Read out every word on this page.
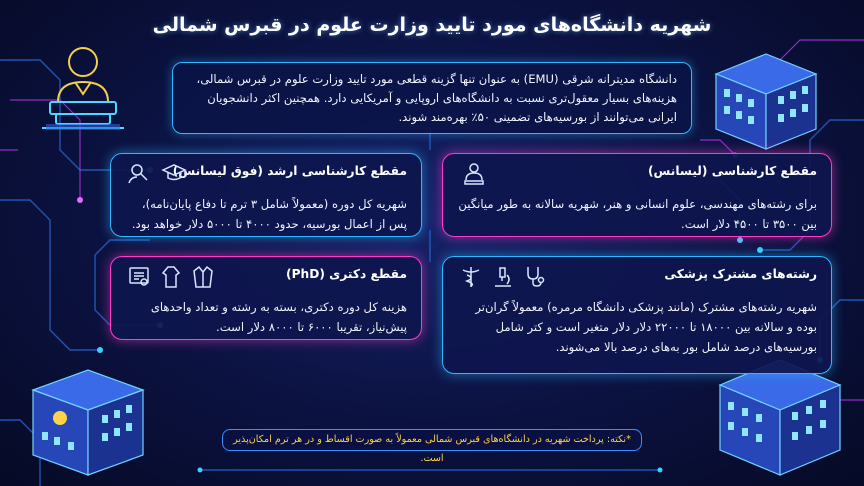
شهریه دانشگاه‌های مورد تایید وزارت علوم در قبرس شمالی
دانشگاه مدیترانه شرقی (EMU) به عنوان تنها گزینه قطعی مورد تایید وزارت علوم در قبرس شمالی، هزینه‌های بسیار معقول‌تری نسبت به دانشگاه‌های اروپایی و آمریکایی دارد. همچنین اکثر دانشجویان ایرانی می‌توانند از بورسیه‌های تضمینی ۵۰٪ بهره‌مند شوند.
مقطع کارشناسی (لیسانس)
برای رشته‌های مهندسی، علوم انسانی و هنر، شهریه سالانه به طور میانگین بین ۳۵۰۰ تا ۴۵۰۰ دلار است.
مقطع کارشناسی ارشد (فوق لیسانس)
شهریه کل دوره (معمولاً شامل ۳ ترم تا دفاع پایان‌نامه)، پس از اعمال بورسیه، حدود ۴۰۰۰ تا ۵۰۰۰ دلار خواهد بود.
رشته‌های مشترک پزشکی
شهریه رشته‌های مشترک (مانند پزشکی دانشگاه مرمره) معمولاً گران‌تر بوده و سالانه بین ۱۸۰۰۰ تا ۲۲۰۰۰ دلار دلار متغیر است و کتر شامل بورسیه‌های درصد شامل بور به‌های درصد بالا می‌شوند.
مقطع دکتری (PhD)
هزینه کل دوره دکتری، بسته به رشته و تعداد واحدهای پیش‌نیاز، تقریبا ۶۰۰۰ تا ۸۰۰۰ دلار است.
*نکته: پرداخت شهریه در دانشگاه‌های قبرس شمالی معمولاً به صورت اقساط و در هر ترم امکان‌پذیر است.
